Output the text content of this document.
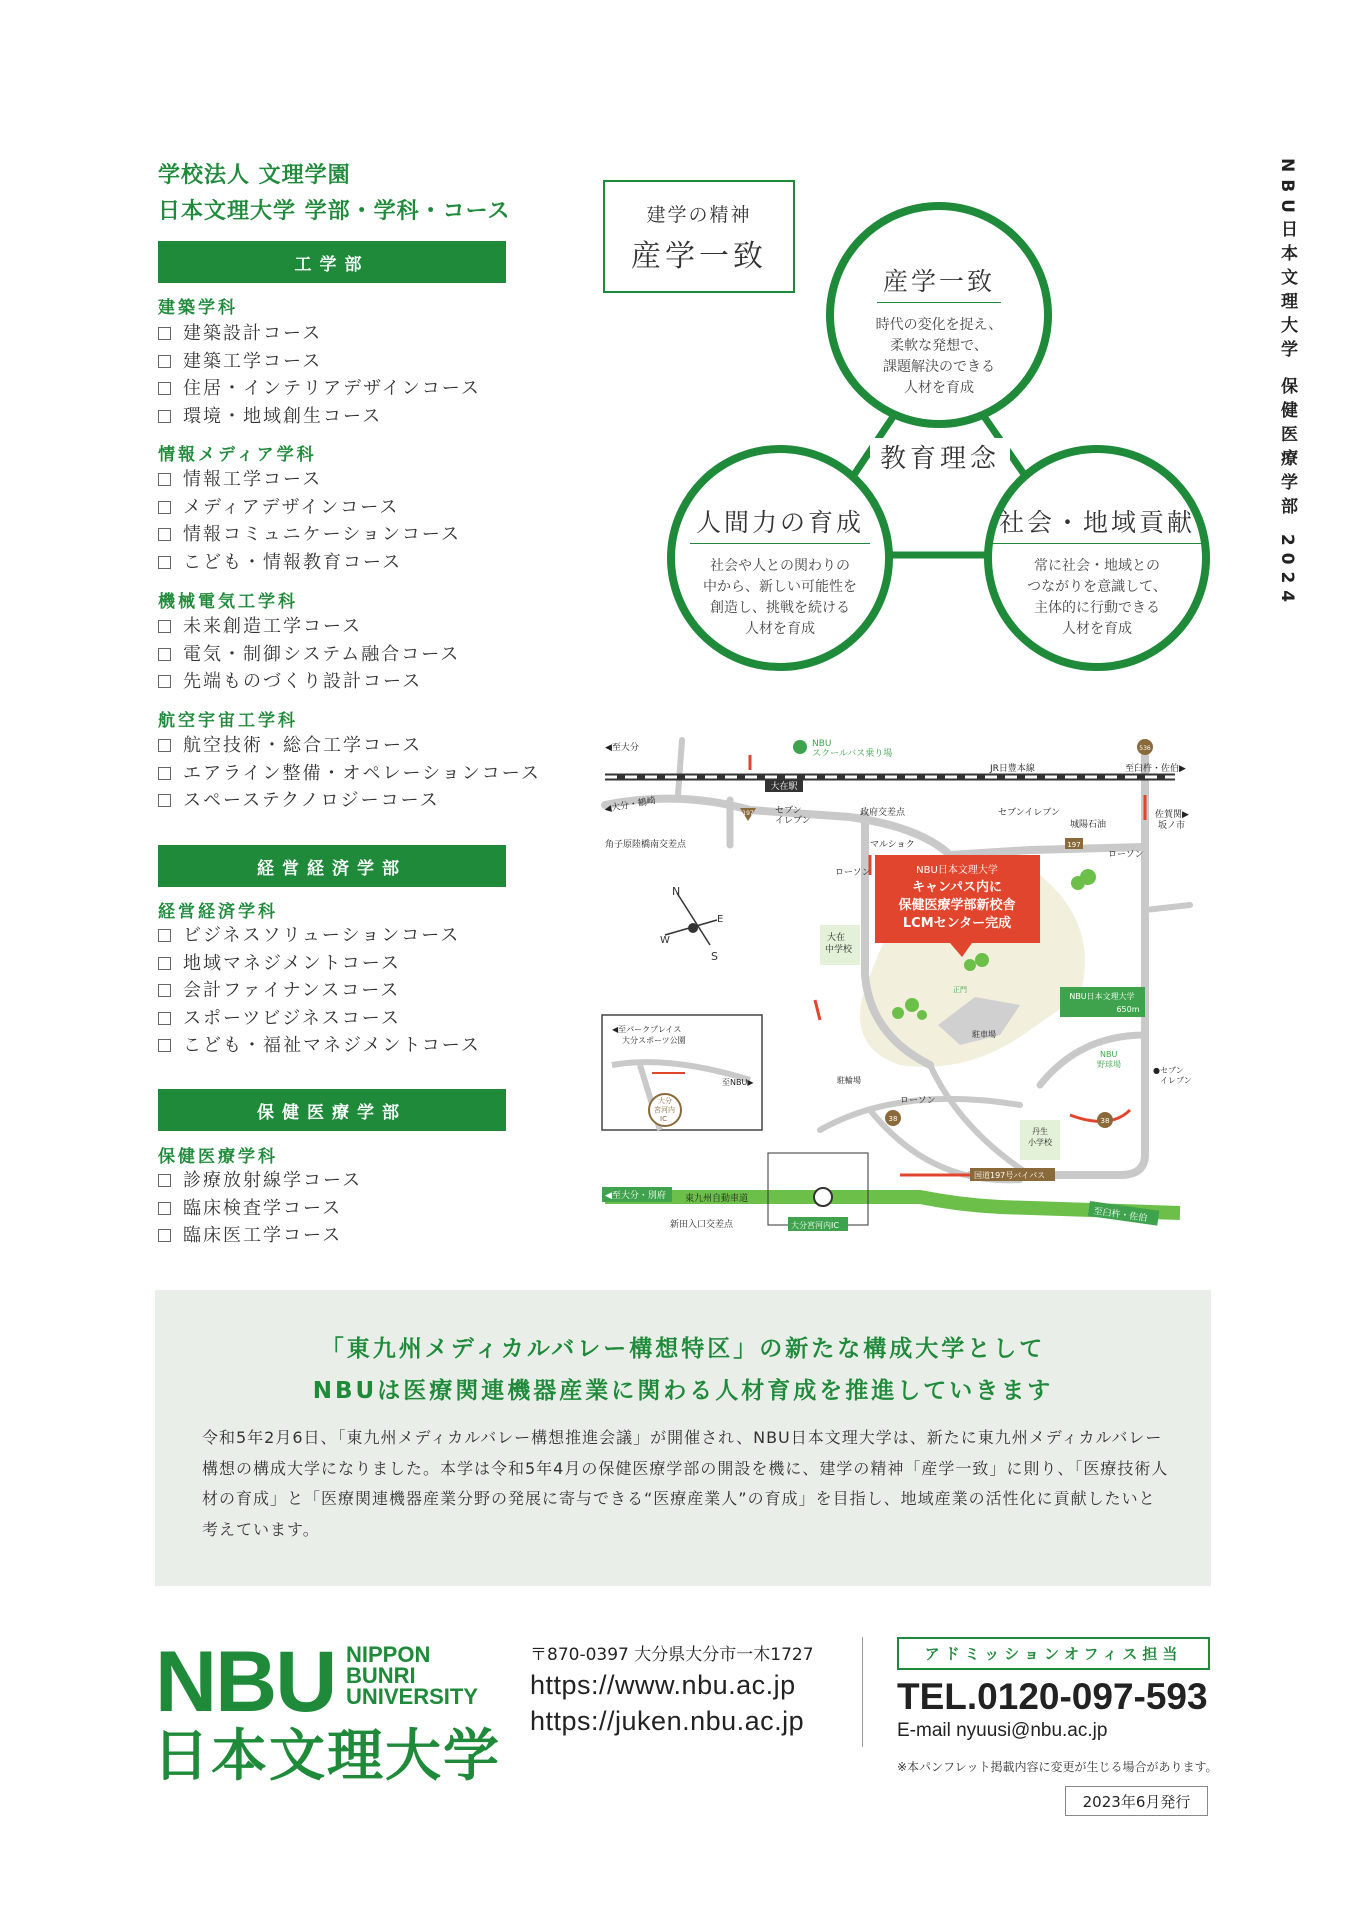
学校法人 文理学園
日本文理大学 学部・学科・コース
工学部
建築学科
建築設計コース
建築工学コース
住居・インテリアデザインコース
環境・地域創生コース
情報メディア学科
情報工学コース
メディアデザインコース
情報コミュニケーションコース
こども・情報教育コース
機械電気工学科
未来創造工学コース
電気・制御システム融合コース
先端ものづくり設計コース
航空宇宙工学科
航空技術・総合工学コース
エアライン整備・オペレーションコース
スペーステクノロジーコース
経営経済学部
経営経済学科
ビジネスソリューションコース
地域マネジメントコース
会計ファイナンスコース
スポーツビジネスコース
こども・福祉マネジメントコース
保健医療学部
保健医療学科
診療放射線学コース
臨床検査学コース
臨床医工学コース
NBU日本文理大学 保健医療学部 2024
建学の精神
産学一致
産学一致
時代の変化を捉え、
柔軟な発想で、
課題解決のできる
人材を育成
人間力の育成
社会や人との関わりの
中から、新しい可能性を
創造し、挑戦を続ける
人材を育成
社会・地域貢献
常に社会・地域との
つながりを意識して、
主体的に行動できる
人材を育成
教育理念
◀至パークプレイス
大分スポーツ公園
至NBU▶
大分
宮河内
IC
N
S
E
W
NBU日本文理大学
キャンパス内に
保健医療学部新校舎
LCMセンター完成
NBU日本文理大学
650m
◀至大分・別府 東九州自動車道
至臼杵・佐伯
新田入口交差点	大分宮河内IC
197
197
38	38
536
◀至大分	NBU
スクールバス乗り場
大在駅
JR日豊本線	至臼杵・佐伯▶
◀大分・鶴崎	セブン
イレブン
政府交差点	セブンイレブン
城陽石油
佐賀関▶
坂ノ市
角子原陸橋南交差点	マルショク
ローソン
ローソン
大在
中学校
正門
駐車場
NBU
野球場
●セブン
イレブン
駐輪場
ローソン
丹生
小学校
国道197号バイパス
「東九州メディカルバレー構想特区」の新たな構成大学として
NBUは医療関連機器産業に関わる人材育成を推進していきます
令和5年2月6日、「東九州メディカルバレー構想推進会議」が開催され、NBU日本文理大学は、新たに東九州メディカルバレー構想の構成大学になりました。本学は令和5年4月の保健医療学部の開設を機に、建学の精神「産学一致」に則り、「医療技術人材の育成」と「医療関連機器産業分野の発展に寄与できる“医療産業人”の育成」を目指し、地域産業の活性化に貢献したいと考えています。
NBU NIPPON
BUNRI
UNIVERSITY
日本文理大学
〒870-0397 大分県大分市一木1727
https://www.nbu.ac.jp
https://juken.nbu.ac.jp
アドミッションオフィス担当
TEL.0120-097-593
E-mail nyuusi@nbu.ac.jp
※本パンフレット掲載内容に変更が生じる場合があります。
2023年6月発行
